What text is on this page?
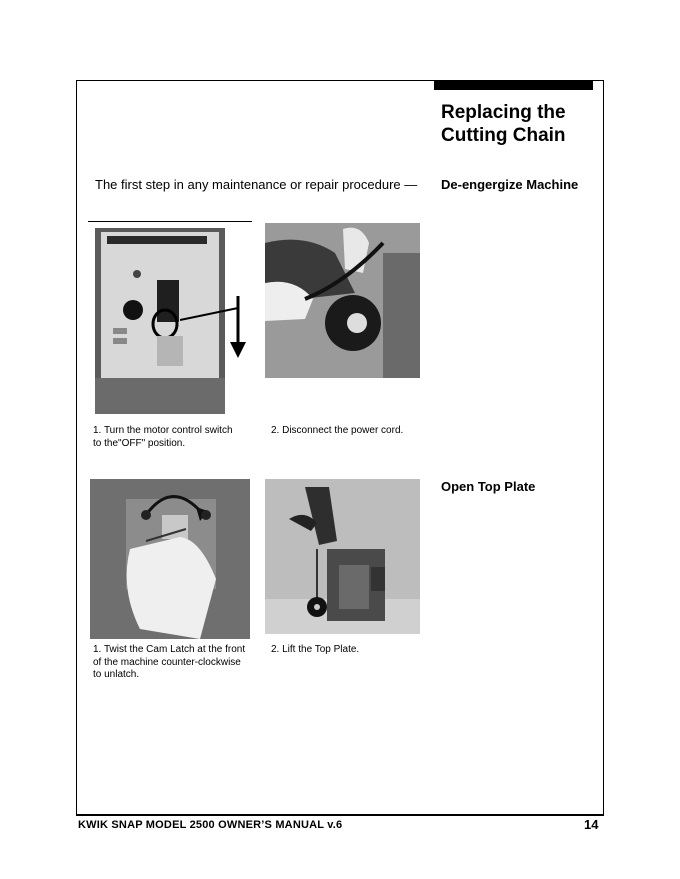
Replacing the
Cutting Chain
The first step in any maintenance or repair procedure — De-engergize Machine
Open Top Plate
1. Turn the motor control switch to the"OFF" position.
2. Disconnect the power cord.
1. Twist the Cam Latch at the front of the machine counter-clockwise to unlatch.
2. Lift the Top Plate.
KWIK SNAP MODEL 2500 OWNER’S MANUAL v.6	14
